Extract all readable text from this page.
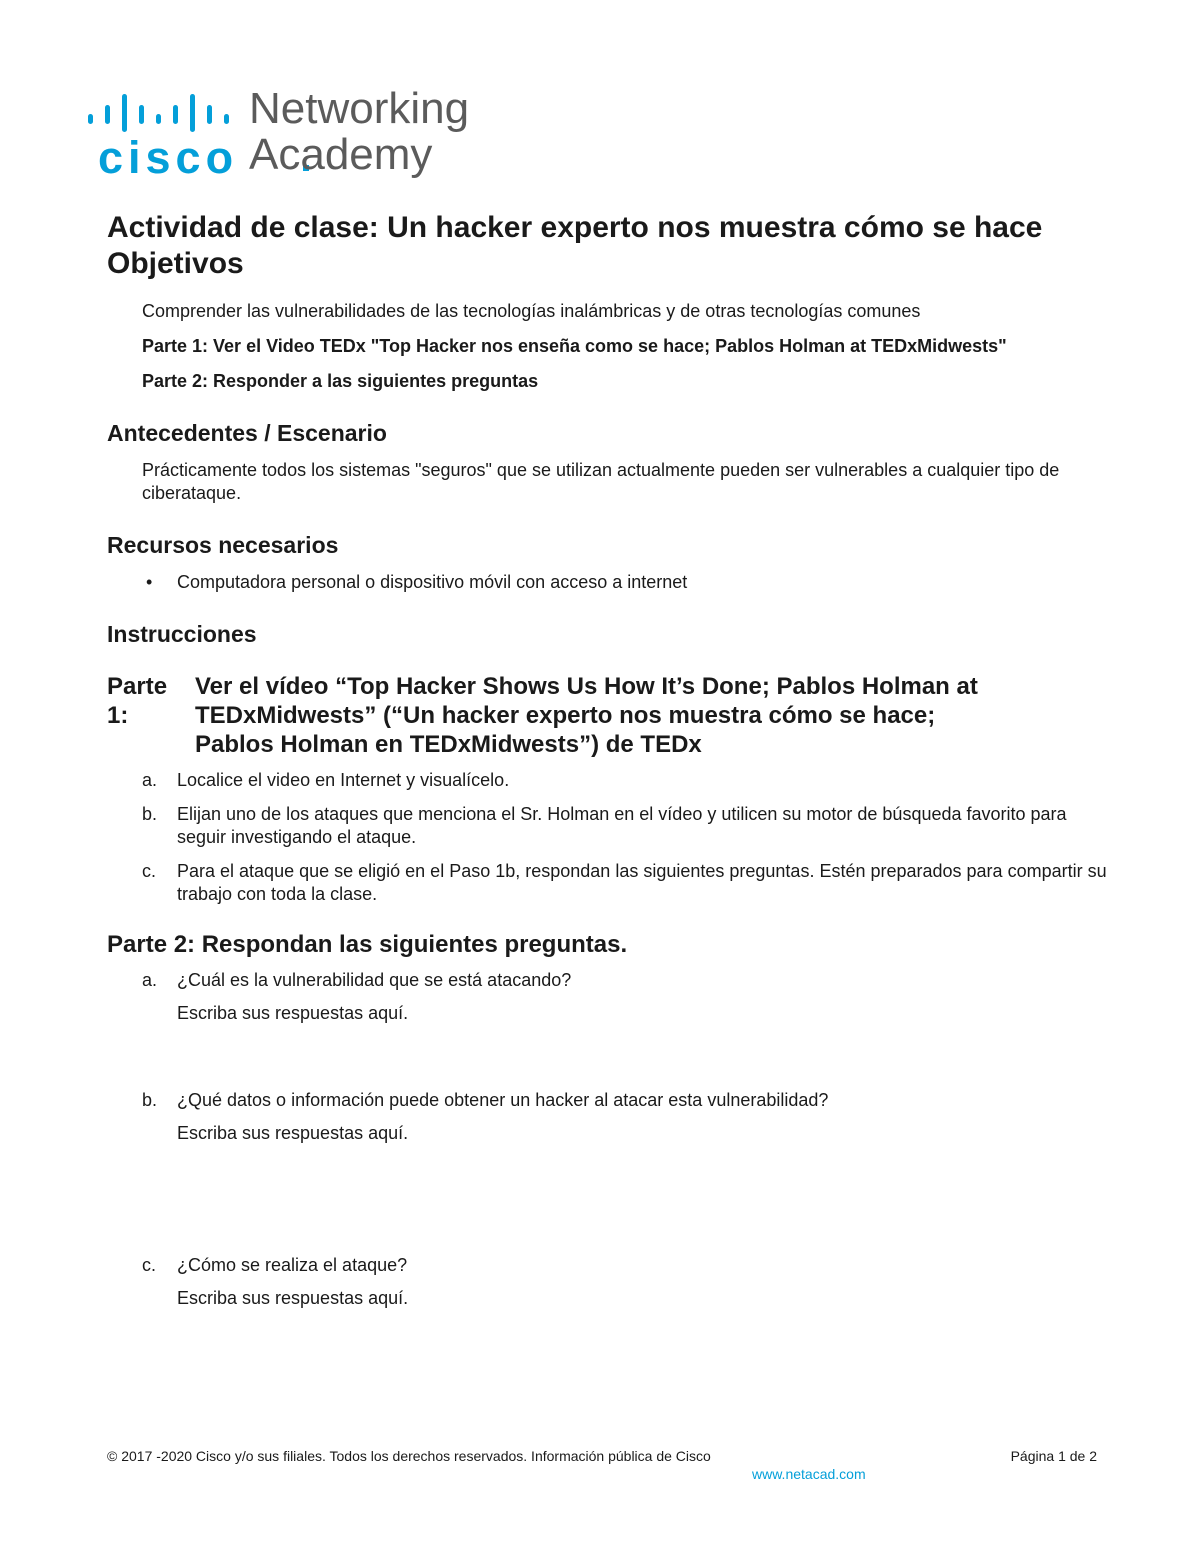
cisco
Networking
Academy
Actividad de clase: Un hacker experto nos muestra cómo se hace
Objetivos
Comprender las vulnerabilidades de las tecnologías inalámbricas y de otras tecnologías comunes
Parte 1: Ver el Video TEDx "Top Hacker nos enseña como se hace; Pablos Holman at TEDxMidwests"
Parte 2: Responder a las siguientes preguntas
Antecedentes / Escenario
Prácticamente todos los sistemas "seguros" que se utilizan actualmente pueden ser vulnerables a cualquier tipo de ciberataque.
Recursos necesarios
• Computadora personal o dispositivo móvil con acceso a internet
Instrucciones
Parte 1:
Ver el vídeo “Top Hacker Shows Us How It’s Done; Pablos Holman at
TEDxMidwests” (“Un hacker experto nos muestra cómo se hace;
Pablos Holman en TEDxMidwests”) de TEDx
a. Localice el video en Internet y visualícelo.
b. Elijan uno de los ataques que menciona el Sr. Holman en el vídeo y utilicen su motor de búsqueda favorito para seguir investigando el ataque.
c. Para el ataque que se eligió en el Paso 1b, respondan las siguientes preguntas. Estén preparados para compartir su trabajo con toda la clase.
Parte 2: Respondan las siguientes preguntas.
a. ¿Cuál es la vulnerabilidad que se está atacando?
Escriba sus respuestas aquí.
b. ¿Qué datos o información puede obtener un hacker al atacar esta vulnerabilidad?
Escriba sus respuestas aquí.
c. ¿Cómo se realiza el ataque?
Escriba sus respuestas aquí.
© 2017 -2020 Cisco y/o sus filiales. Todos los derechos reservados. Información pública de Cisco	Página 1 de 2
www.netacad.com
